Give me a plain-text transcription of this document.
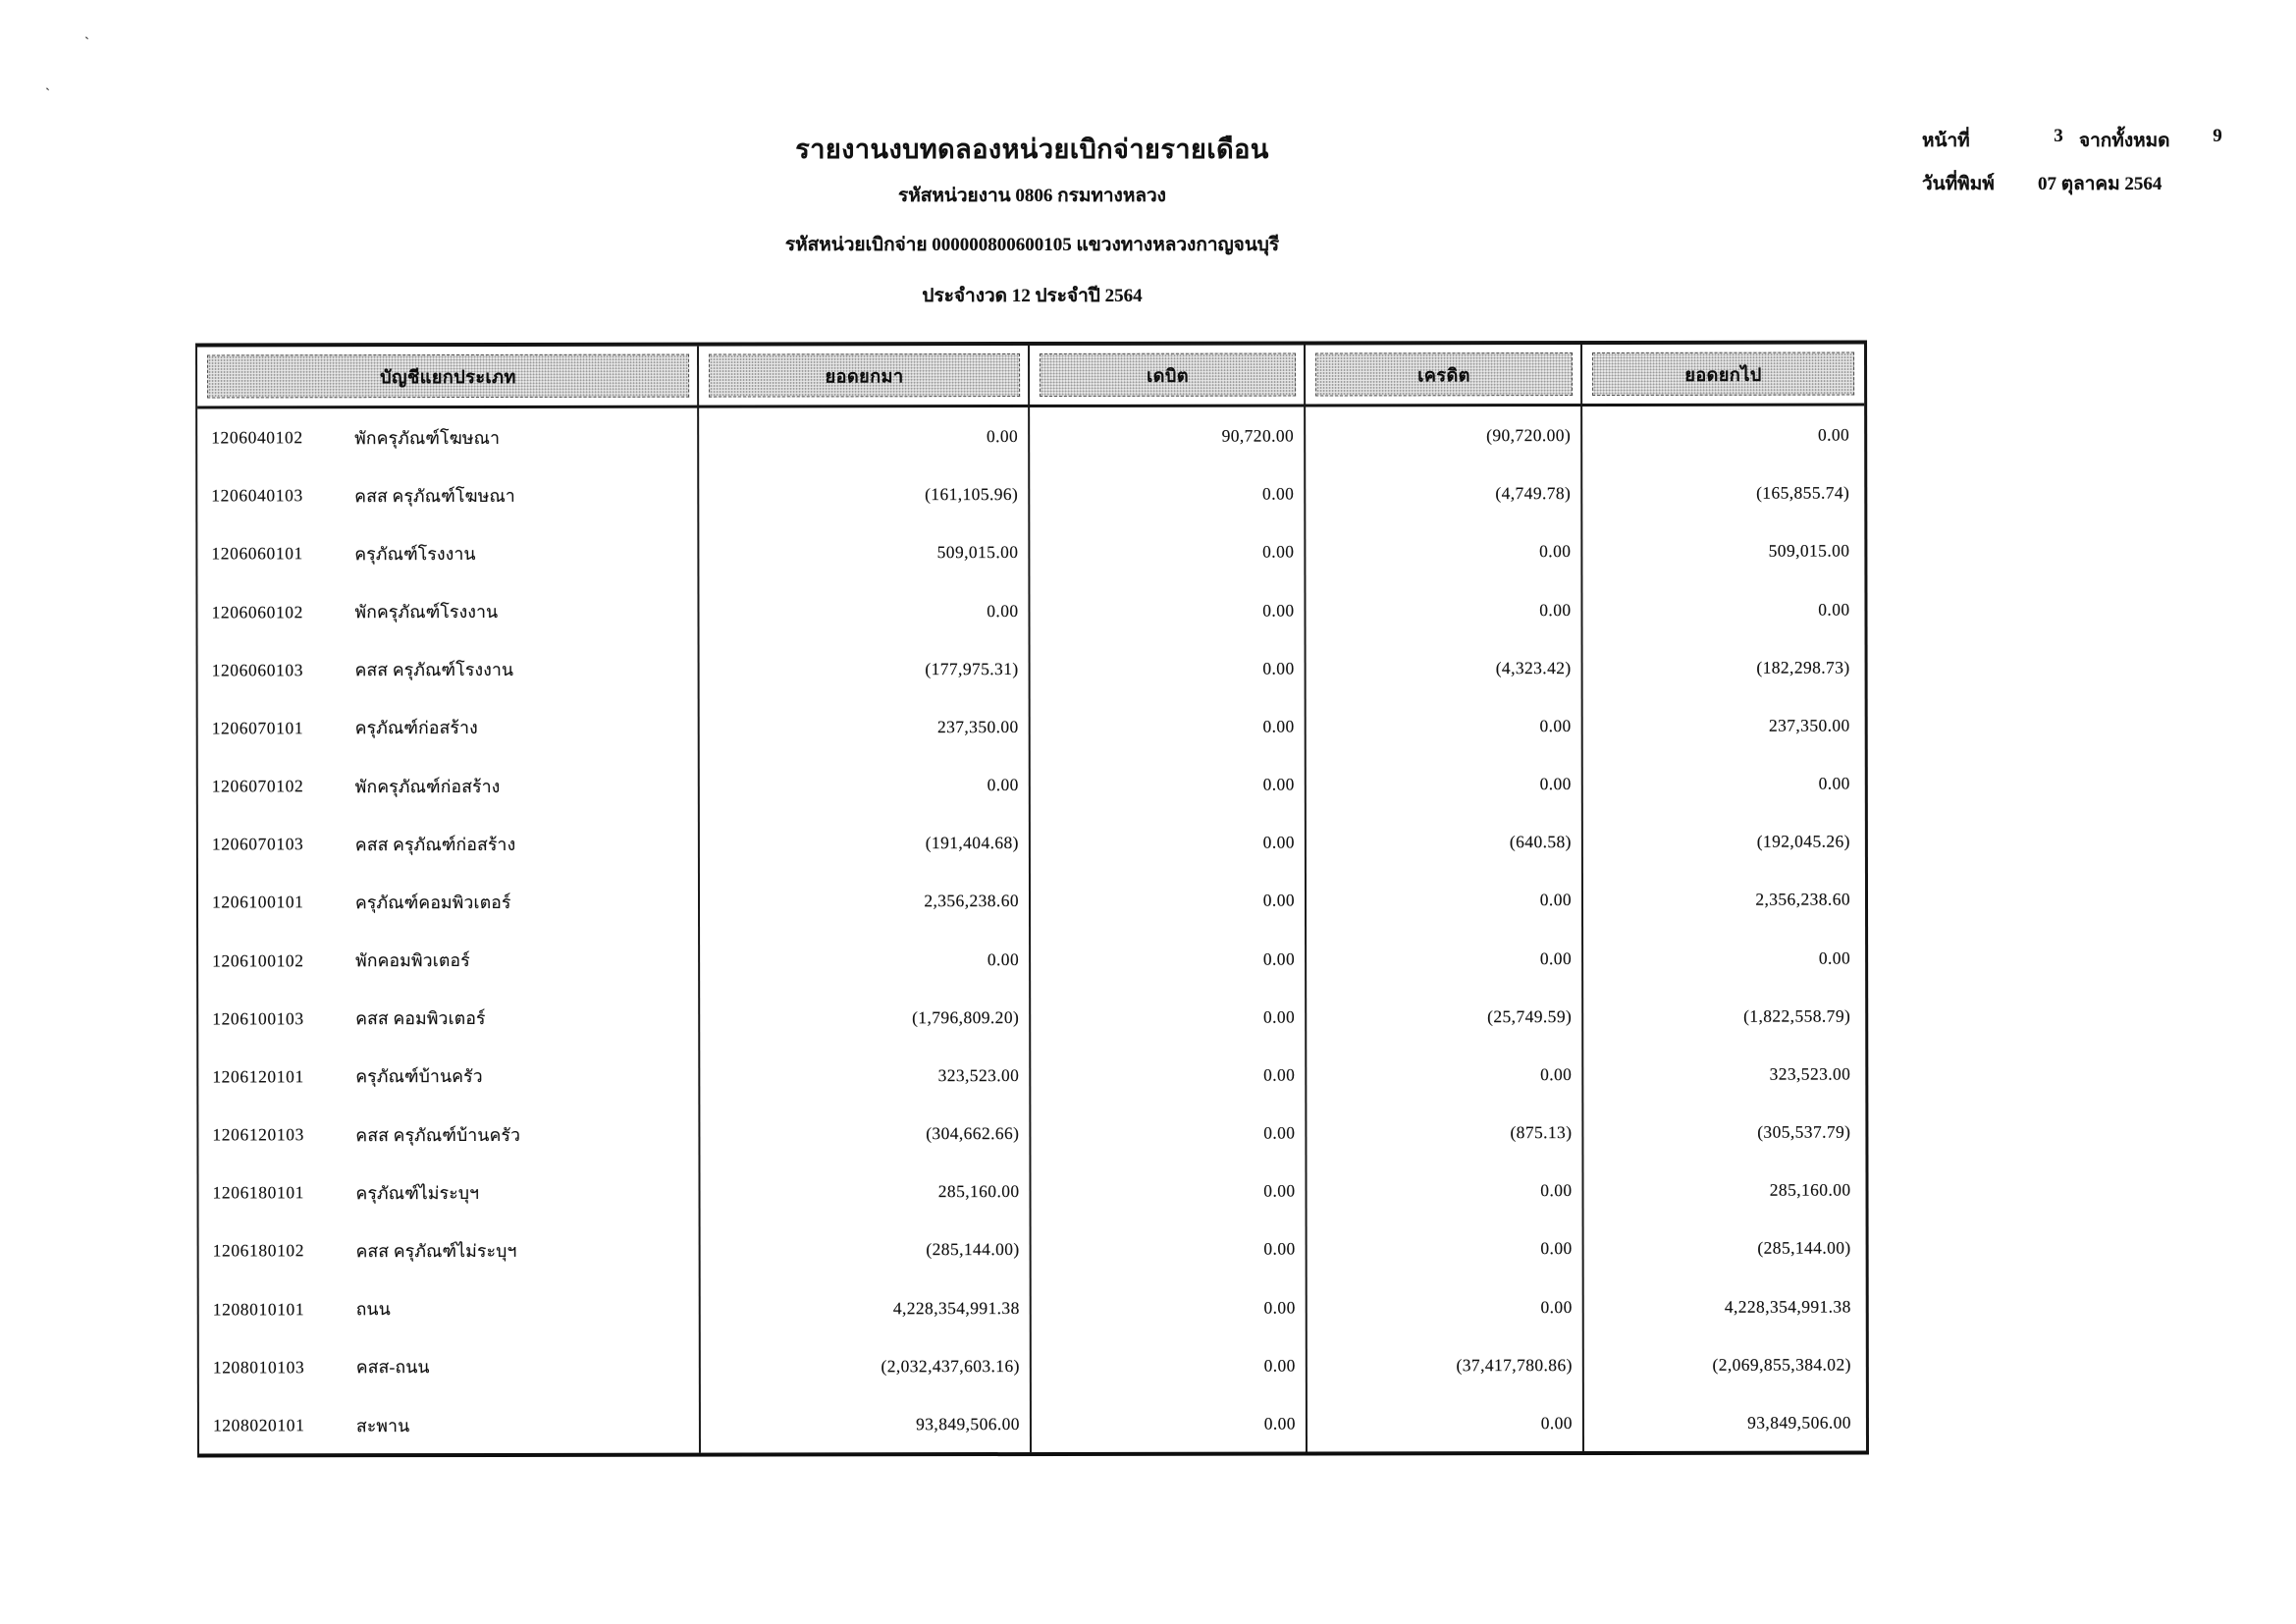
`
`
รายงานงบทดลองหน่วยเบิกจ่ายรายเดือน
รหัสหน่วยงาน 0806 กรมทางหลวง
รหัสหน่วยเบิกจ่าย 000000800600105 แขวงทางหลวงกาญจนบุรี
ประจำงวด 12 ประจำปี 2564
หน้าที่	3 จากทั้งหมด	9
วันที่พิมพ์	07 ตุลาคม 2564
บัญชีแยกประเภท	ยอดยกมา	เดบิต	เครดิต	ยอดยกไป
1206040102	พักครุภัณฑ์โฆษณา	0.00	90,720.00	(90,720.00)	0.00
1206040103	คสส ครุภัณฑ์โฆษณา	(161,105.96)	0.00	(4,749.78)	(165,855.74)
1206060101	ครุภัณฑ์โรงงาน	509,015.00	0.00	0.00	509,015.00
1206060102	พักครุภัณฑ์โรงงาน	0.00	0.00	0.00	0.00
1206060103	คสส ครุภัณฑ์โรงงาน	(177,975.31)	0.00	(4,323.42)	(182,298.73)
1206070101	ครุภัณฑ์ก่อสร้าง	237,350.00	0.00	0.00	237,350.00
1206070102	พักครุภัณฑ์ก่อสร้าง	0.00	0.00	0.00	0.00
1206070103	คสส ครุภัณฑ์ก่อสร้าง	(191,404.68)	0.00	(640.58)	(192,045.26)
1206100101	ครุภัณฑ์คอมพิวเตอร์	2,356,238.60	0.00	0.00	2,356,238.60
1206100102	พักคอมพิวเตอร์	0.00	0.00	0.00	0.00
1206100103	คสส คอมพิวเตอร์	(1,796,809.20)	0.00	(25,749.59)	(1,822,558.79)
1206120101	ครุภัณฑ์บ้านครัว	323,523.00	0.00	0.00	323,523.00
1206120103	คสส ครุภัณฑ์บ้านครัว	(304,662.66)	0.00	(875.13)	(305,537.79)
1206180101	ครุภัณฑ์ไม่ระบุฯ	285,160.00	0.00	0.00	285,160.00
1206180102	คสส ครุภัณฑ์ไม่ระบุฯ	(285,144.00)	0.00	0.00	(285,144.00)
1208010101	ถนน	4,228,354,991.38	0.00	0.00	4,228,354,991.38
1208010103	คสส-ถนน	(2,032,437,603.16)	0.00	(37,417,780.86)	(2,069,855,384.02)
1208020101	สะพาน	93,849,506.00	0.00	0.00	93,849,506.00
